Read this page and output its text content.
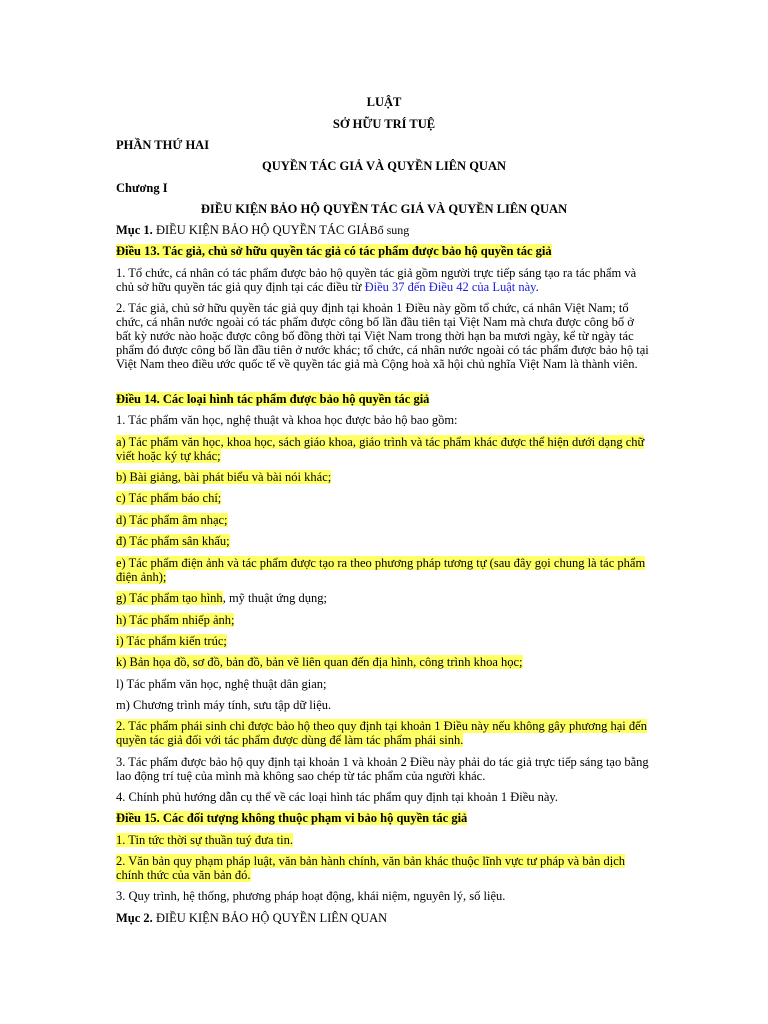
LUẬT

SỞ HỮU TRÍ TUỆ

PHẦN THỨ HAI

QUYỀN TÁC GIẢ VÀ QUYỀN LIÊN QUAN

Chương I

ĐIỀU KIỆN BẢO HỘ QUYỀN TÁC GIẢ VÀ QUYỀN LIÊN QUAN

Mục 1. ĐIỀU KIỆN BẢO HỘ QUYỀN TÁC GIẢBổ sung

Điều 13. Tác giả, chủ sở hữu quyền tác giả có tác phẩm được bảo hộ quyền tác giả

1. Tổ chức, cá nhân có tác phẩm được bảo hộ quyền tác giả gồm người trực tiếp sáng tạo ra tác phẩm và chủ sở hữu quyền tác giả quy định tại các điều từ Điều 37 đến Điều 42 của Luật này.

2. Tác giả, chủ sở hữu quyền tác giả quy định tại khoản 1 Điều này gồm tổ chức, cá nhân Việt Nam; tổ chức, cá nhân nước ngoài có tác phẩm được công bố lần đầu tiên tại Việt Nam mà chưa được công bố ở bất kỳ nước nào hoặc được công bố đồng thời tại Việt Nam trong thời hạn ba mươi ngày, kể từ ngày tác phẩm đó được công bố lần đầu tiên ở nước khác; tổ chức, cá nhân nước ngoài có tác phẩm được bảo hộ tại Việt Nam theo điều ước quốc tế về quyền tác giả mà Cộng hoà xã hội chủ nghĩa Việt Nam là thành viên.

Điều 14. Các loại hình tác phẩm được bảo hộ quyền tác giả

1. Tác phẩm văn học, nghệ thuật và khoa học được bảo hộ bao gồm:

a) Tác phẩm văn học, khoa học, sách giáo khoa, giáo trình và tác phẩm khác được thể hiện dưới dạng chữ viết hoặc ký tự khác;

b) Bài giảng, bài phát biểu và bài nói khác;

c) Tác phẩm báo chí;

d) Tác phẩm âm nhạc;

đ) Tác phẩm sân khấu;

e) Tác phẩm điện ảnh và tác phẩm được tạo ra theo phương pháp tương tự (sau đây gọi chung là tác phẩm điện ảnh);

g) Tác phẩm tạo hình, mỹ thuật ứng dụng;

h) Tác phẩm nhiếp ảnh;

i) Tác phẩm kiến trúc;

k) Bản họa đồ, sơ đồ, bản đồ, bản vẽ liên quan đến địa hình, công trình khoa học;

l) Tác phẩm văn học, nghệ thuật dân gian;

m) Chương trình máy tính, sưu tập dữ liệu.

2. Tác phẩm phái sinh chỉ được bảo hộ theo quy định tại khoản 1 Điều này nếu không gây phương hại đến quyền tác giả đối với tác phẩm được dùng để làm tác phẩm phái sinh.

3. Tác phẩm được bảo hộ quy định tại khoản 1 và khoản 2 Điều này phải do tác giả trực tiếp sáng tạo bằng lao động trí tuệ của mình mà không sao chép từ tác phẩm của người khác.

4. Chính phủ hướng dẫn cụ thể về các loại hình tác phẩm quy định tại khoản 1 Điều này.

Điều 15. Các đối tượng không thuộc phạm vi bảo hộ quyền tác giả

1. Tin tức thời sự thuần tuý đưa tin.

2. Văn bản quy phạm pháp luật, văn bản hành chính, văn bản khác thuộc lĩnh vực tư pháp và bản dịch chính thức của văn bản đó.

3. Quy trình, hệ thống, phương pháp hoạt động, khái niệm, nguyên lý, số liệu.

Mục 2. ĐIỀU KIỆN BẢO HỘ QUYỀN LIÊN QUAN
